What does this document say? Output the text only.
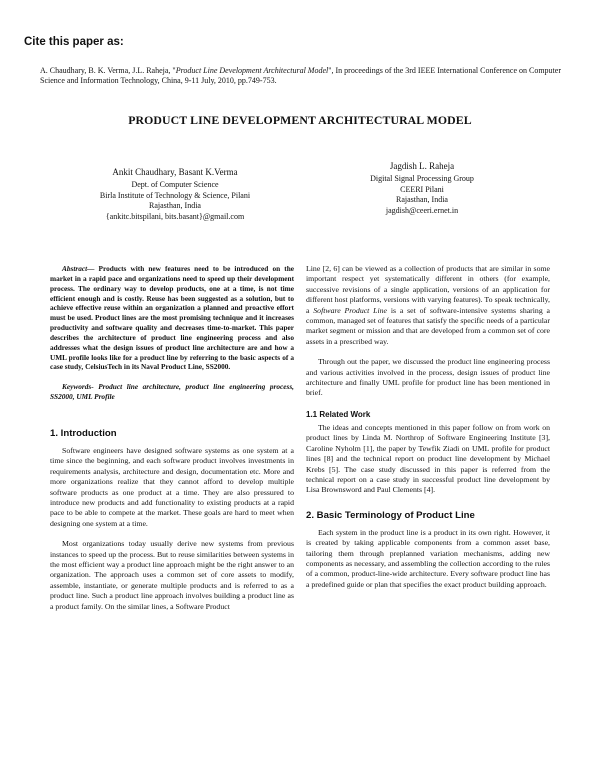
Cite this paper as:
A. Chaudhary, B. K. Verma, J.L. Raheja, "Product Line Development Architectural Model", In proceedings of the 3rd IEEE International Conference on Computer Science and Information Technology, China, 9-11 July, 2010, pp.749-753.
PRODUCT LINE DEVELOPMENT ARCHITECTURAL MODEL
Ankit Chaudhary, Basant K.Verma
Dept. of Computer Science
Birla Institute of Technology & Science, Pilani
Rajasthan, India
{ankitc.bitspilani, bits.basant}@gmail.com
Jagdish L. Raheja
Digital Signal Processing Group
CEERI Pilani
Rajasthan, India
jagdish@ceeri.ernet.in

Abstract— Products with new features need to be introduced on the market in a rapid pace and organizations need to speed up their development process. The ordinary way to develop products, one at a time, is not time efficient enough and is costly. Reuse has been suggested as a solution, but to achieve effective reuse within an organization a planned and proactive effort must be used. Product lines are the most promising technique and it increases productivity and software quality and decreases time-to-market. This paper describes the architecture of product line engineering process and also addresses what the design issues of product line architecture are and how a UML profile looks like for a product line by referring to the basic aspects of a case study, CelsiusTech in its Naval Product Line, SS2000.

Keywords- Product line architecture, product line engineering process, SS2000, UML Profile

1. Introduction

Software engineers have designed software systems as one system at a time since the beginning, and each software product involves investments in requirements analysis, architecture and design, documentation etc. More and more organizations realize that they cannot afford to develop multiple software products as one product at a time. They are also pressured to introduce new products and add functionality to existing products at a rapid pace to be able to compete at the market. These goals are hard to meet when designing one system at a time.

Most organizations today usually derive new systems from previous instances to speed up the process. But to reuse similarities between systems in the most efficient way a product line approach might be the right answer to an organization. The approach uses a common set of core assets to modify, assemble, instantiate, or generate multiple products and is referred to as a product line. Such a product line approach involves building a product line as a product family. On the similar lines, a Software Product

Line [2, 6] can be viewed as a collection of products that are similar in some important respect yet systematically different in others (for example, successive revisions of a single application, versions of an application for different host platforms, versions with varying features). To speak technically, a Software Product Line is a set of software-intensive systems sharing a common, managed set of features that satisfy the specific needs of a particular market segment or mission and that are developed from a common set of core assets in a prescribed way.

Through out the paper, we discussed the product line engineering process and various activities involved in the process, design issues of product line architecture and finally UML profile for product line has been mentioned in brief.

1.1 Related Work

The ideas and concepts mentioned in this paper follow on from work on product lines by Linda M. Northrop of Software Engineering Institute [3], Caroline Nyholm [1], the paper by Tewfik Ziadi on UML profile for product lines [8] and the technical report on product line development by Michael Krebs [5]. The case study discussed in this paper is referred from the technical report on a case study in successful product line development by Lisa Brownsword and Paul Clements [4].

2. Basic Terminology of Product Line

Each system in the product line is a product in its own right. However, it is created by taking applicable components from a common asset base, tailoring them through preplanned variation mechanisms, adding new components as necessary, and assembling the collection according to the rules of a common, product-line-wide architecture. Every software product line has a predefined guide or plan that specifies the exact product building approach.
